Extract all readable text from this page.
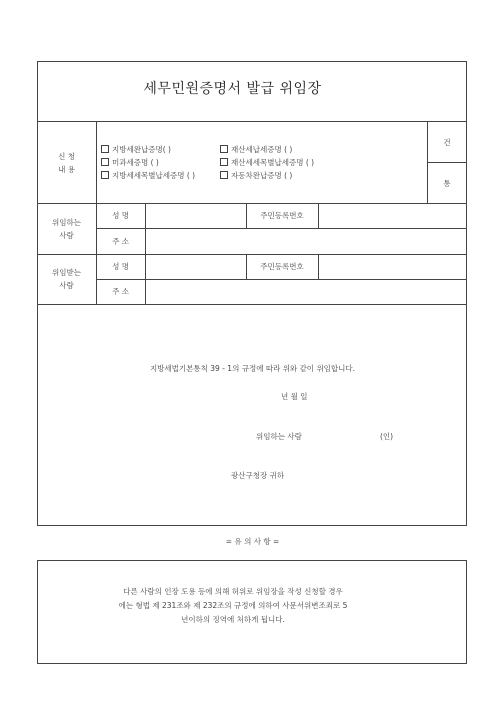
세무민원증명서 발급 위임장
신 청
내 용
지방세완납증명( )
미과세증명 ( )
지방세세목별납세증명 ( )
재산세납세증명 ( )
재산세세목별납세증명 ( )
자동차완납증명 ( )
건
통
위임하는
사람
성 명	주민등록번호
주 소
위임받는
사람
성 명	주민등록번호
주 소
지방세법기본통칙 39 - 1의 규정에 따라 위와 같이 위임합니다.
년 월 일
위임하는 사람	(인)
광산구청장 귀하
= 유 의 사 항 =
다른 사람의 인장 도용 등에 의해 허위로 위임장을 작성 신청할 경우
에는 형법 제 231조와 제 232조의 규정에 의하여 사문서위변조죄로 5
년이하의 징역에 처하게 됩니다.
